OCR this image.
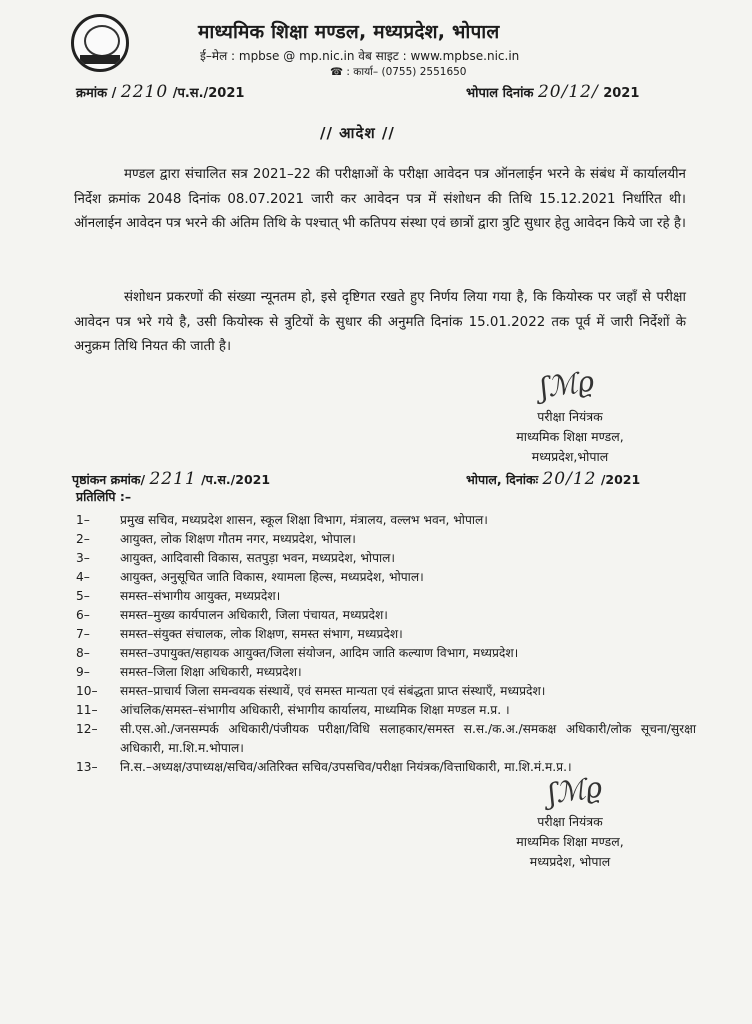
माध्यमिक शिक्षा मण्डल, मध्यप्रदेश, भोपाल
ई–मेल : mpbse @ mp.nic.in वेब साइट : www.mpbse.nic.in
☎ : कार्या– (0755) 2551650
क्रमांक / 2210 /प.स./2021	भोपाल दिनांक 20/12/ 2021
// आदेश //
मण्डल द्वारा संचालित सत्र 2021–22 की परीक्षाओं के परीक्षा आवेदन पत्र ऑनलाईन भरने के संबंध में कार्यालयीन निर्देश क्रमांक 2048 दिनांक 08.07.2021 जारी कर आवेदन पत्र में संशोधन की तिथि 15.12.2021 निर्धारित थी। ऑनलाईन आवेदन पत्र भरने की अंतिम तिथि के पश्चात् भी कतिपय संस्था एवं छात्रों द्वारा त्रुटि सुधार हेतु आवेदन किये जा रहे है।
संशोधन प्रकरणों की संख्या न्यूनतम हो, इसे दृष्टिगत रखते हुए निर्णय लिया गया है, कि कियोस्क पर जहाँ से परीक्षा आवेदन पत्र भरे गये है, उसी कियोस्क से त्रुटियों के सुधार की अनुमति दिनांक 15.01.2022 तक पूर्व में जारी निर्देशों के अनुक्रम तिथि नियत की जाती है।
ʃℳϱ
परीक्षा नियंत्रक
माध्यमिक शिक्षा मण्डल,
मध्यप्रदेश,भोपाल
पृष्ठांकन क्रमांक/ 2211 /प.स./2021	भोपाल, दिनांकः 20/12 /2021
प्रतिलिपि :–
1–	प्रमुख सचिव, मध्यप्रदेश शासन, स्कूल शिक्षा विभाग, मंत्रालय, वल्लभ भवन, भोपाल।
2–	आयुक्त, लोक शिक्षण गौतम नगर, मध्यप्रदेश, भोपाल।
3–	आयुक्त, आदिवासी विकास, सतपुड़ा भवन, मध्यप्रदेश, भोपाल।
4–	आयुक्त, अनुसूचित जाति विकास, श्यामला हिल्स, मध्यप्रदेश, भोपाल।
5–	समस्त–संभागीय आयुक्त, मध्यप्रदेश।
6–	समस्त–मुख्य कार्यपालन अधिकारी, जिला पंचायत, मध्यप्रदेश।
7–	समस्त–संयुक्त संचालक, लोक शिक्षण, समस्त संभाग, मध्यप्रदेश।
8–	समस्त–उपायुक्त/सहायक आयुक्त/जिला संयोजन, आदिम जाति कल्याण विभाग, मध्यप्रदेश।
9–	समस्त–जिला शिक्षा अधिकारी, मध्यप्रदेश।
10–	समस्त–प्राचार्य जिला समन्वयक संस्थायें, एवं समस्त मान्यता एवं संबंद्धता प्राप्त संस्थाएँ, मध्यप्रदेश।
11–	आंचलिक/समस्त–संभागीय अधिकारी, संभागीय कार्यालय, माध्यमिक शिक्षा मण्डल म.प्र. ।
12–	सी.एस.ओ./जनसम्पर्क अधिकारी/पंजीयक परीक्षा/विधि सलाहकार/समस्त स.स./क.अ./समकक्ष अधिकारी/लोक सूचना/सुरक्षा अधिकारी, मा.शि.म.भोपाल।
13–	नि.स.–अध्यक्ष/उपाध्यक्ष/सचिव/अतिरिक्त सचिव/उपसचिव/परीक्षा नियंत्रक/वित्ताधिकारी, मा.शि.मं.म.प्र.।
ʃℳϱ
परीक्षा नियंत्रक
माध्यमिक शिक्षा मण्डल,
मध्यप्रदेश, भोपाल
